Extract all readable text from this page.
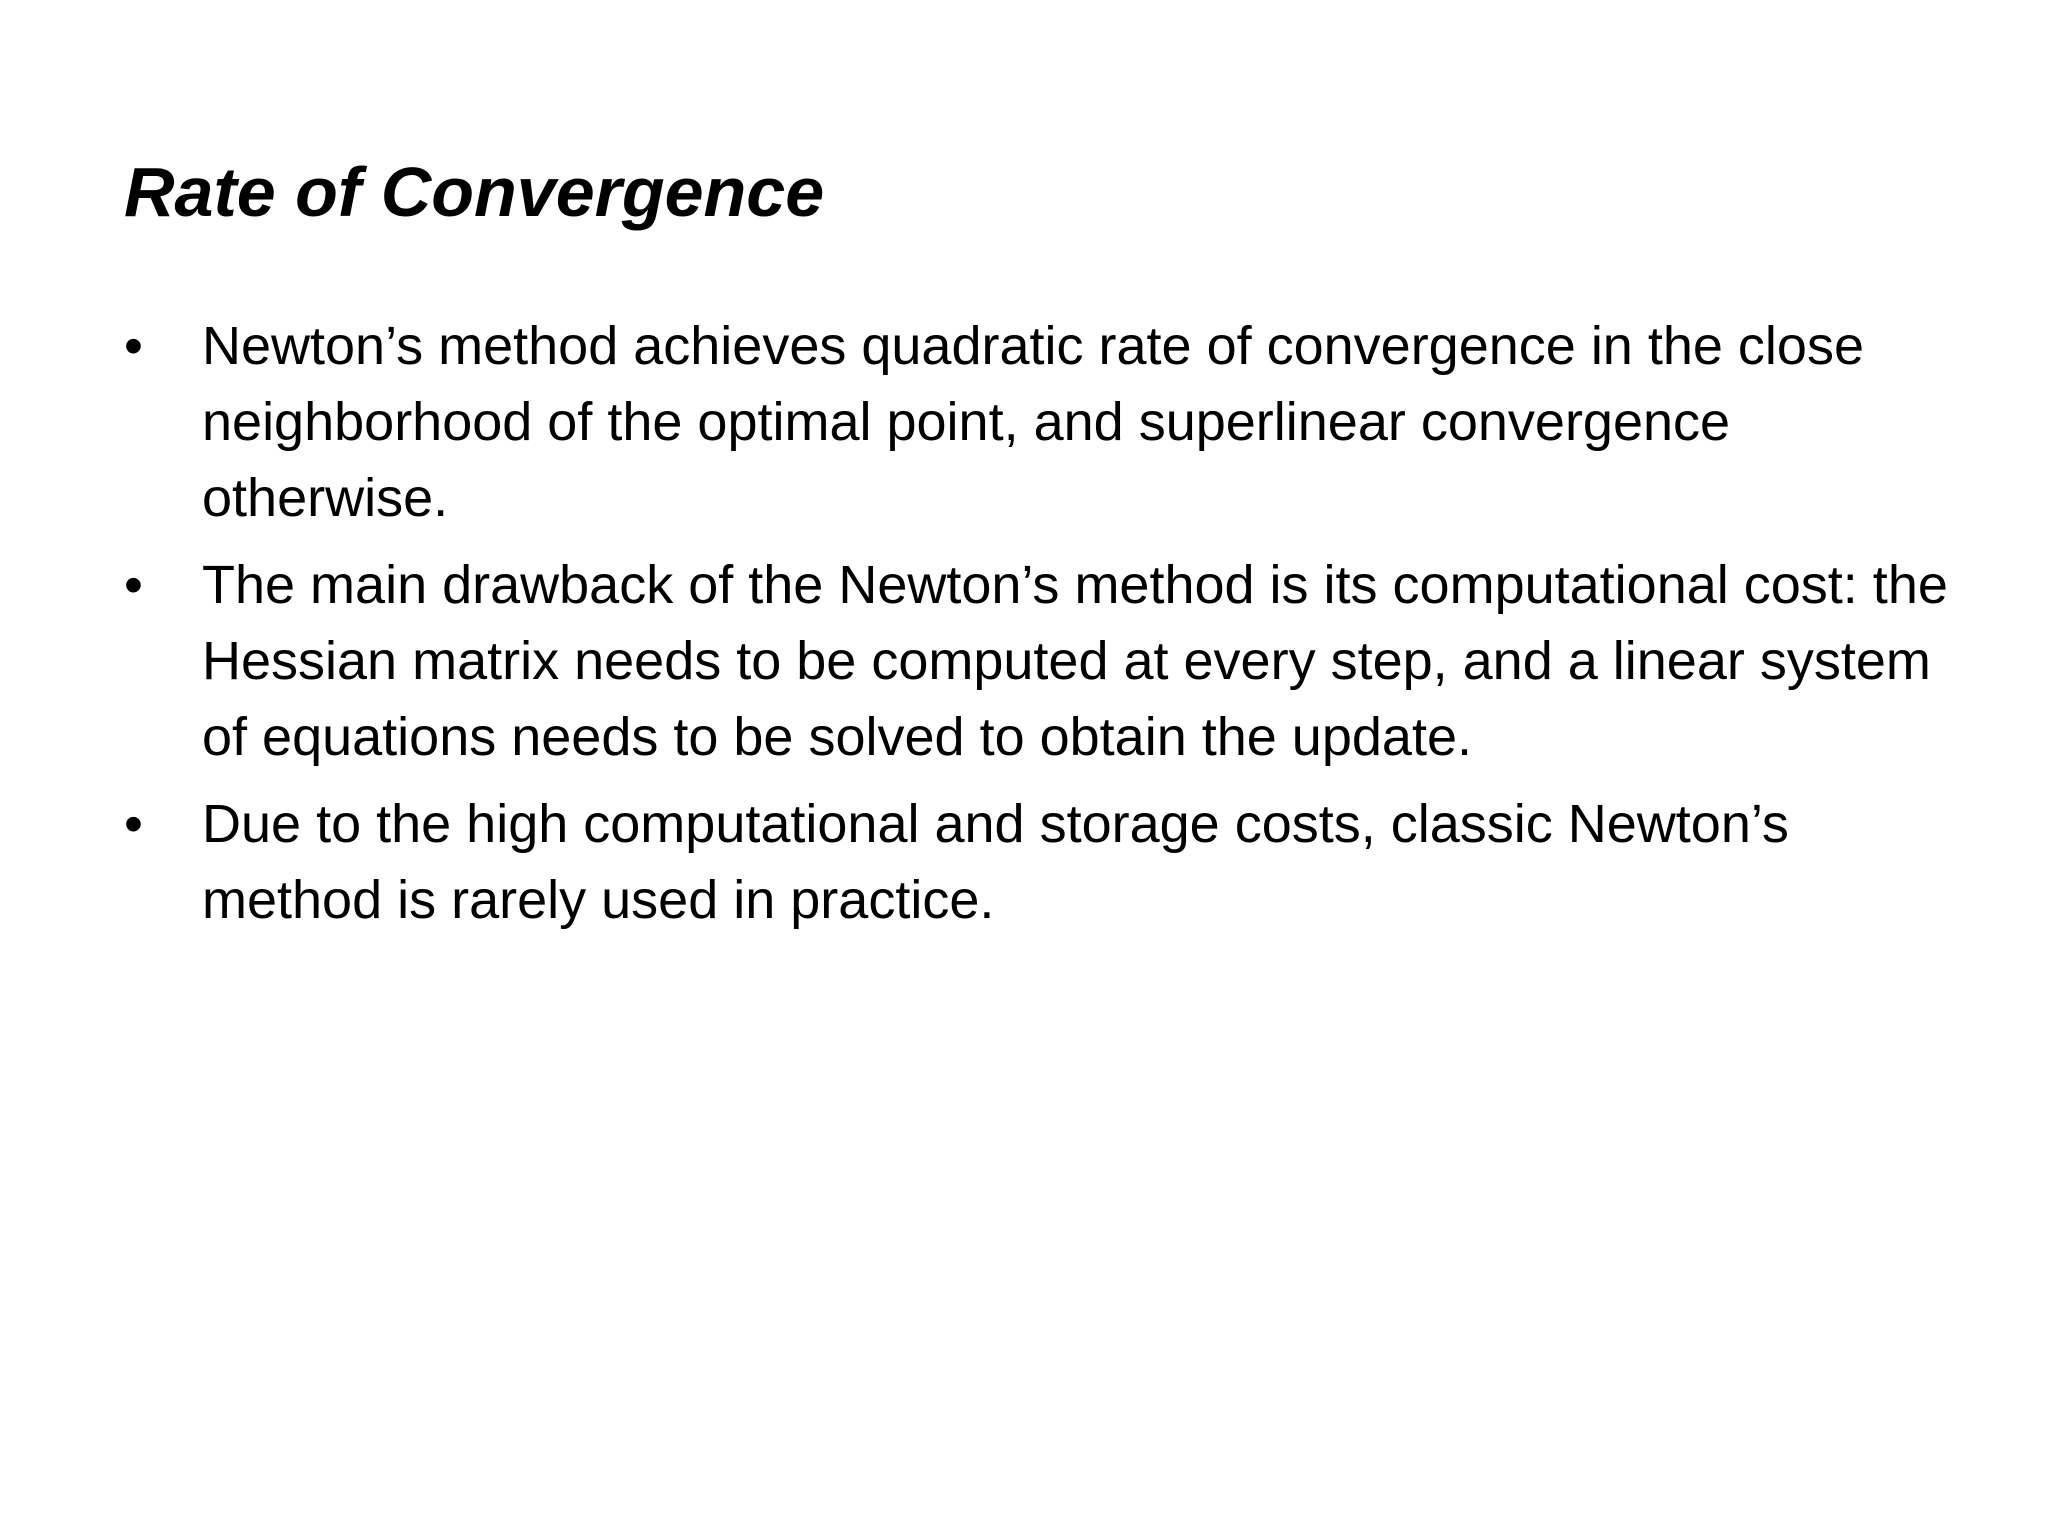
Rate of Convergence
•	Newton’s method achieves quadratic rate of convergence in the close neighborhood of the optimal point, and superlinear convergence otherwise.
•	The main drawback of the Newton’s method is its computational cost: the Hessian matrix needs to be computed at every step, and a linear system of equations needs to be solved to obtain the update.
•	Due to the high computational and storage costs, classic Newton’s method is rarely used in practice.
